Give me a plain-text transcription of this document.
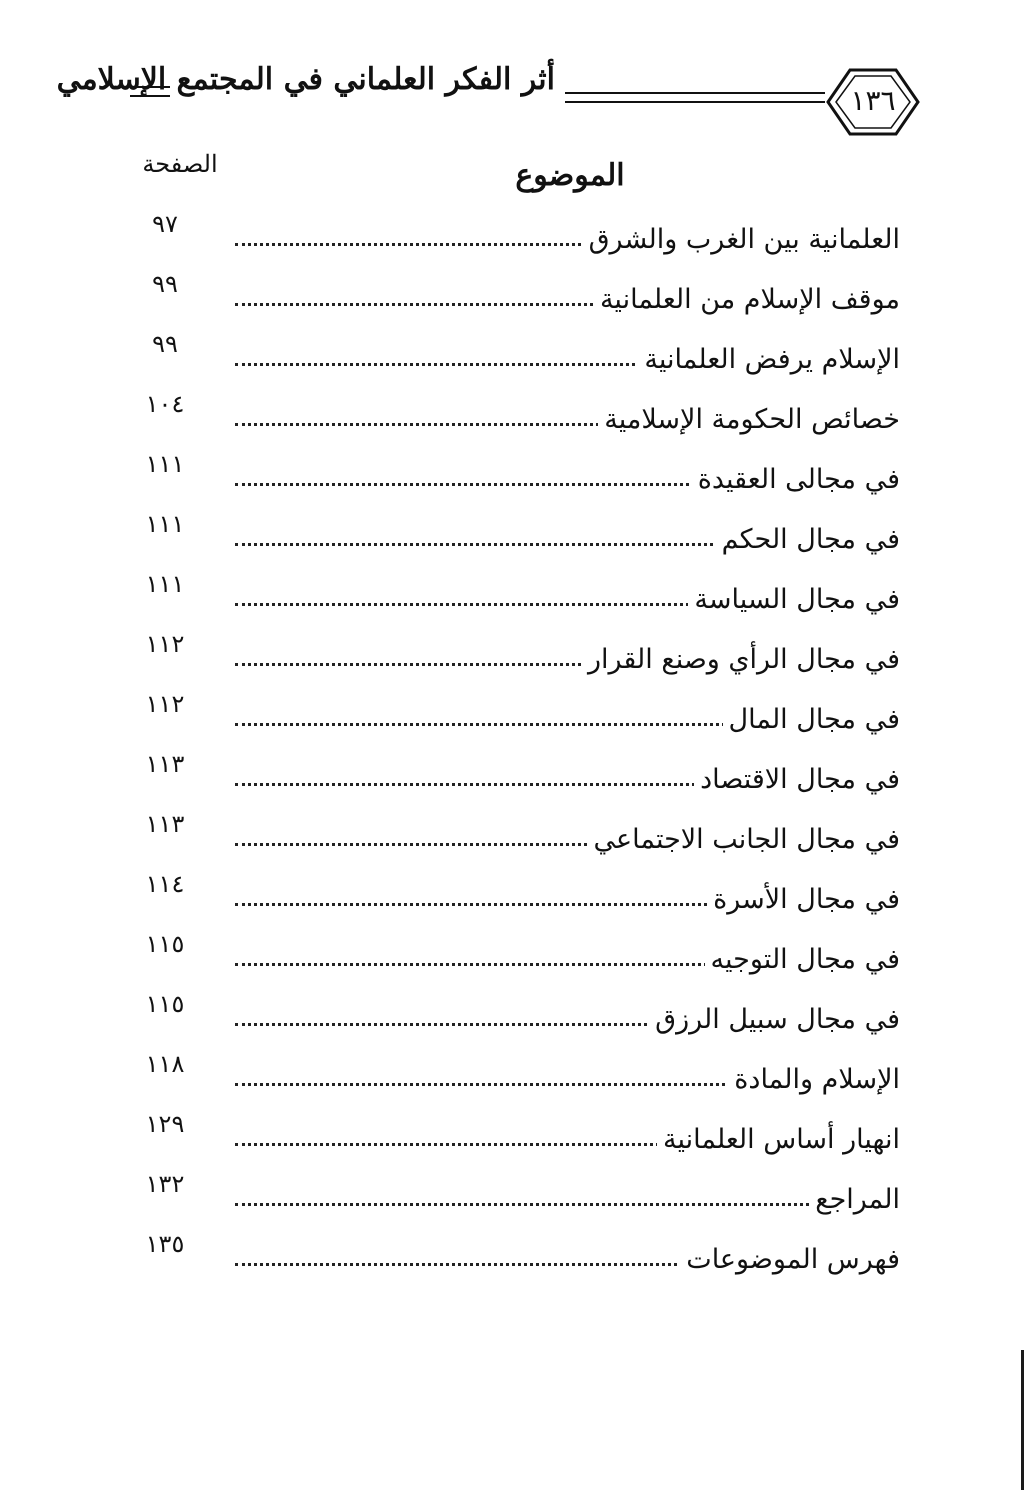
أثر الفكر العلماني في المجتمع الإسلامي
١٣٦
الصفحة	الموضوع
٩٧	العلمانية بين الغرب والشرق
٩٩	موقف الإسلام من العلمانية
٩٩	الإسلام يرفض العلمانية
١٠٤	خصائص الحكومة الإسلامية
١١١	في مجالى العقيدة
١١١	في مجال الحكم
١١١	في مجال السياسة
١١٢	في مجال الرأي وصنع القرار
١١٢	في مجال المال
١١٣	في مجال الاقتصاد
١١٣	في مجال الجانب الاجتماعي
١١٤	في مجال الأسرة
١١٥	في مجال التوجيه
١١٥	في مجال سبيل الرزق
١١٨	الإسلام والمادة
١٢٩	انهيار أساس العلمانية
١٣٢	المراجع
١٣٥	فهرس الموضوعات
